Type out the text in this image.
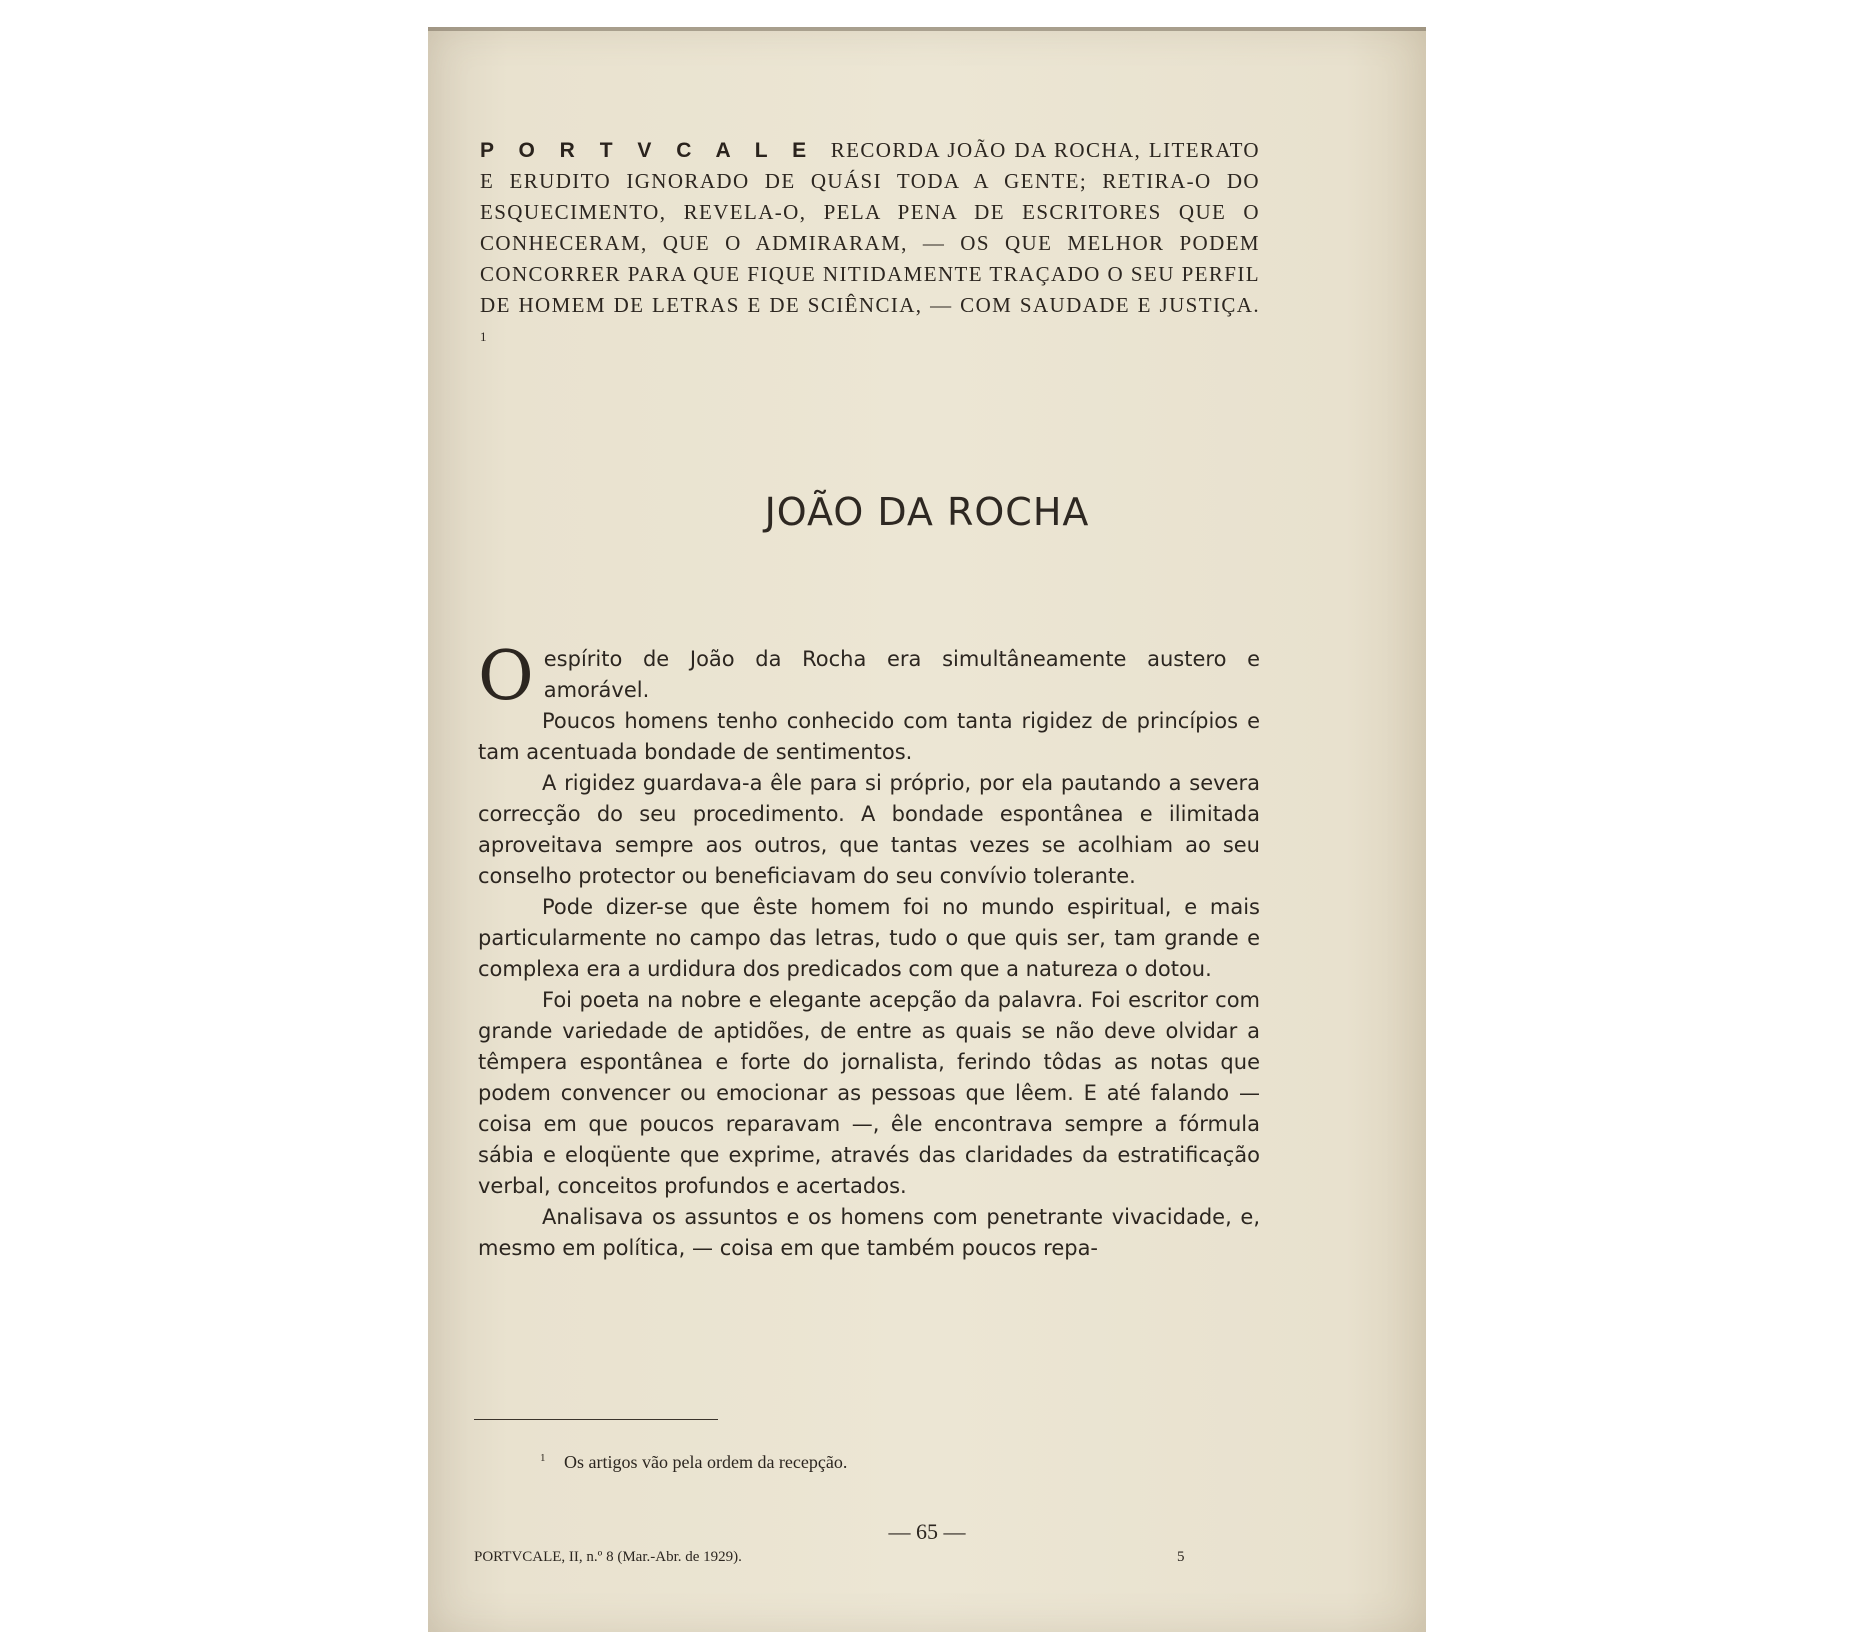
P O R T V C A L E RECORDA JOÃO DA ROCHA, LITERATO E ERUDITO IGNORADO DE QUÁSI TODA A GENTE; RETIRA-O DO ESQUECIMENTO, REVELA-O, PELA PENA DE ESCRITORES QUE O CONHECERAM, QUE O ADMIRARAM, — OS QUE MELHOR PODEM CONCORRER PARA QUE FIQUE NITIDAMENTE TRAÇADO O SEU PERFIL DE HOMEM DE LETRAS E DE SCIÊNCIA, — COM SAUDADE E JUSTIÇA. $^1$
JOÃO DA ROCHA

O espírito de João da Rocha era simultâneamente austero e amorável.

Poucos homens tenho conhecido com tanta rigidez de princípios e tam acentuada bondade de sentimentos.

A rigidez guardava-a êle para si próprio, por ela pautando a severa correcção do seu procedimento. A bondade espontânea e ilimitada aproveitava sempre aos outros, que tantas vezes se acolhiam ao seu conselho protector ou beneficiavam do seu convívio tolerante.

Pode dizer-se que êste homem foi no mundo espiritual, e mais particularmente no campo das letras, tudo o que quis ser, tam grande e complexa era a urdidura dos predicados com que a natureza o dotou.

Foi poeta na nobre e elegante acepção da palavra. Foi escritor com grande variedade de aptidões, de entre as quais se não deve olvidar a têmpera espontânea e forte do jornalista, ferindo tôdas as notas que podem convencer ou emocionar as pessoas que lêem. E até falando — coisa em que poucos reparavam —, êle encontrava sempre a fórmula sábia e eloqüente que exprime, através das claridades da estratificação verbal, conceitos profundos e acertados.

Analisava os assuntos e os homens com penetrante vivacidade, e, mesmo em política, — coisa em que também poucos repa-

$^1$ Os artigos vão pela ordem da recepção.
— 65 —
PORTVCALE, II, n.º 8 (Mar.-Abr. de 1929).	5
